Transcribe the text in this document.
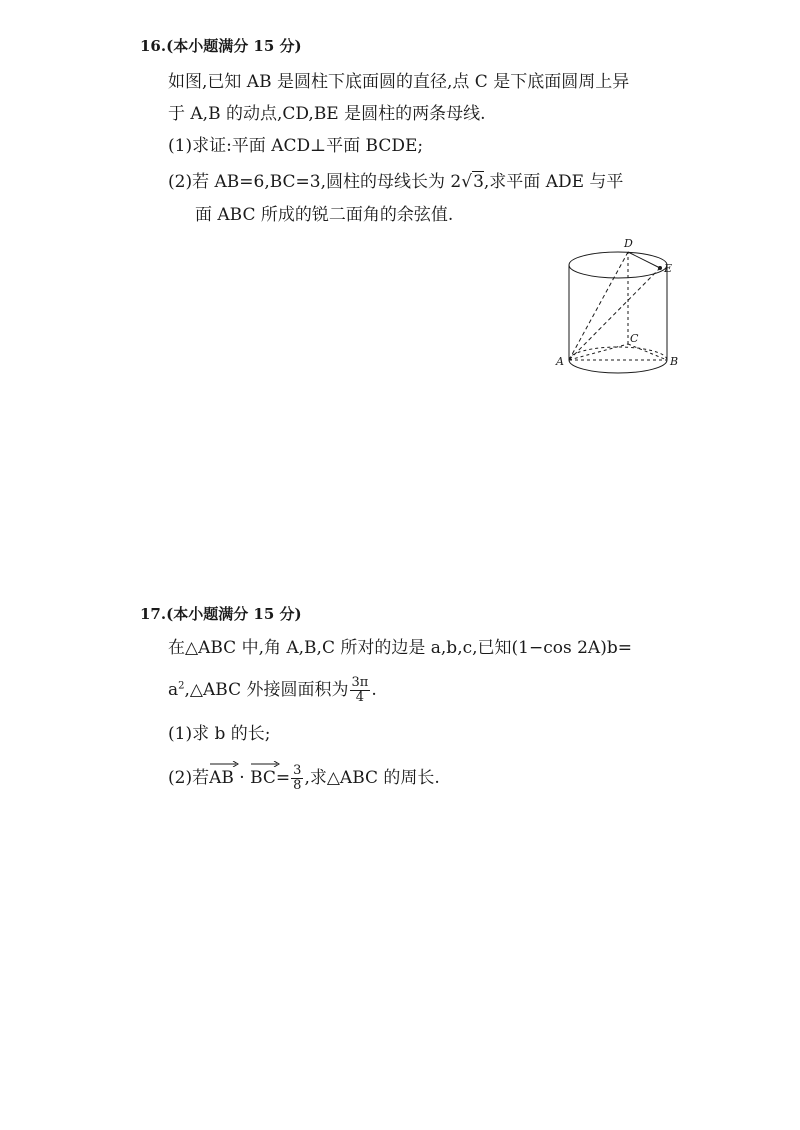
16.(本小题满分 15 分)
如图,已知 AB 是圆柱下底面圆的直径,点 C 是下底面圆周上异
于 A,B 的动点,CD,BE 是圆柱的两条母线.
(1)求证:平面 ACD⊥平面 BCDE;
(2)若 AB=6,BC=3,圆柱的母线长为 2√3,求平面 ADE 与平
面 ABC 所成的锐二面角的余弦值.
D
E
C
A	B
17.(本小题满分 15 分)
在△ABC 中,角 A,B,C 所对的边是 a,b,c,已知(1−cos 2A)b=
$a^2,\triangle ABC$ 外接圆面积为 $\frac{3\pi}{4}$ .
(1)求 b 的长;
(2)若
AB ·
$BC= \frac{3}{8}$ ,求△ABC 的周长.
